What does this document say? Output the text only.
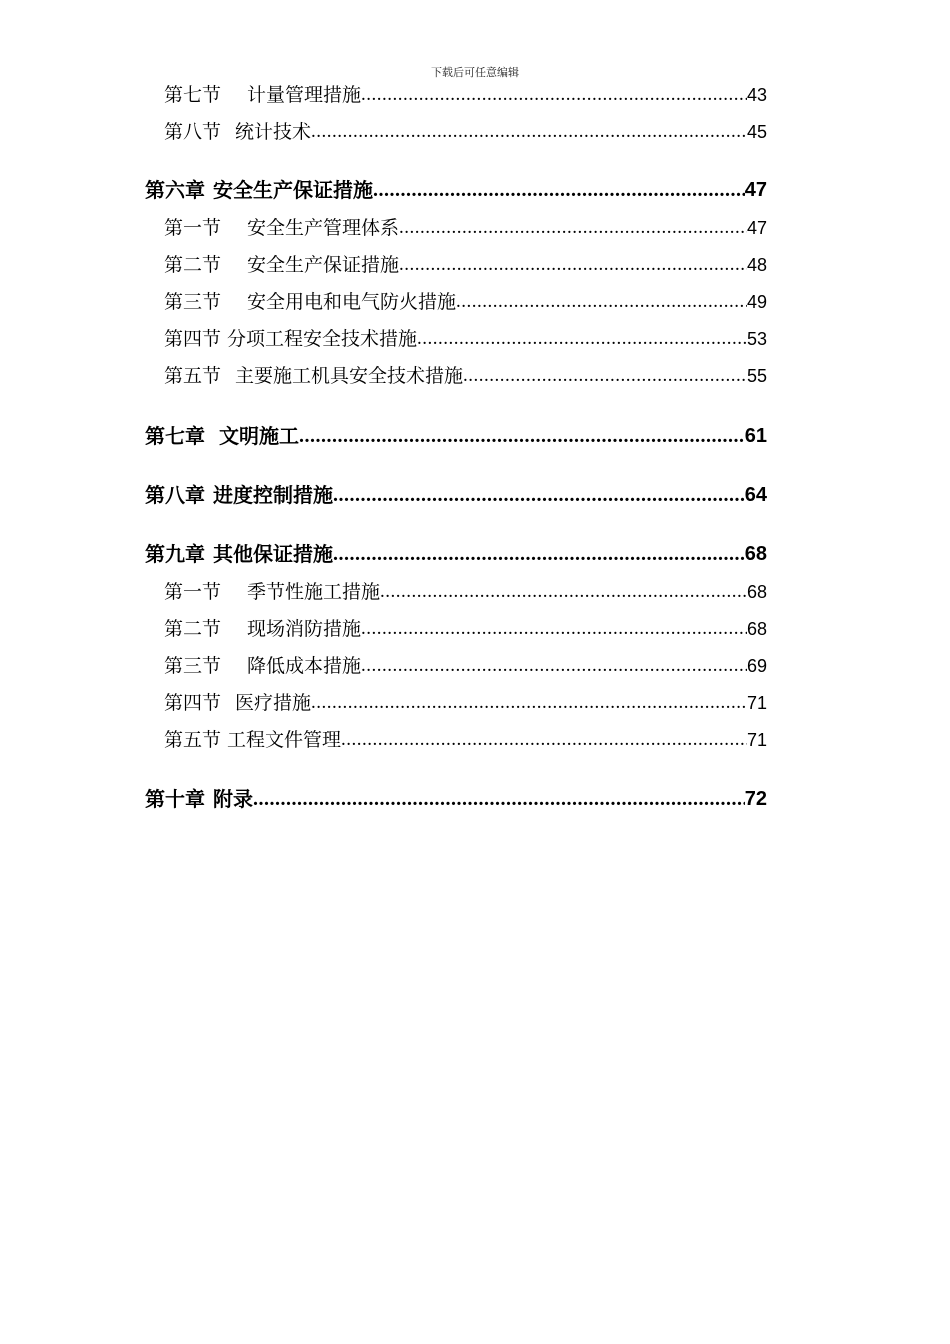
下载后可任意编辑
第七节 计量管理措施 .....	43
第八节 统计技术 .....	45
第六章 安全生产保证措施 .....	47
第一节 安全生产管理体系 .....	47
第二节 安全生产保证措施 .....	48
第三节 安全用电和电气防火措施 .....	49
第四节 分项工程安全技术措施 .....	53
第五节 主要施工机具安全技术措施 .....	55
第七章 文明施工 .....	61
第八章 进度控制措施 .....	64
第九章 其他保证措施 .....	68
第一节 季节性施工措施 .....	68
第二节 现场消防措施 .....	68
第三节 降低成本措施 .....	69
第四节 医疗措施 .....	71
第五节 工程文件管理 .....	71
第十章 附录 .....	72
